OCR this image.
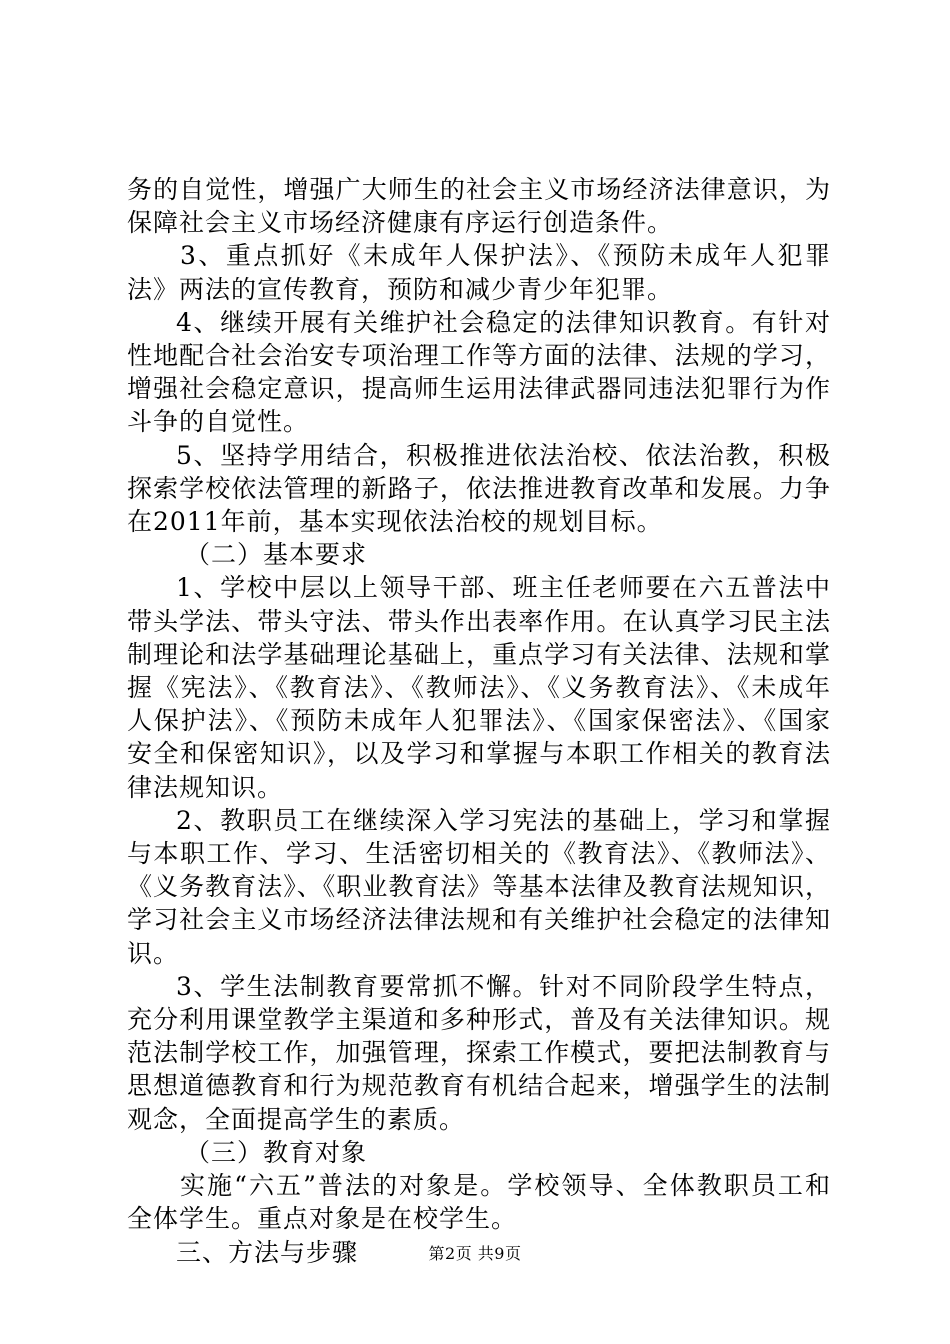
务的自觉性，增强广大师生的社会主义市场经济法律意识，为保障社会主义市场经济健康有序运行创造条件。

3、重点抓好《未成年人保护法》、《预防未成年人犯罪法》两法的宣传教育，预防和减少青少年犯罪。

4、继续开展有关维护社会稳定的法律知识教育。有针对性地配合社会治安专项治理工作等方面的法律、法规的学习，增强社会稳定意识，提高师生运用法律武器同违法犯罪行为作斗争的自觉性。

5、坚持学用结合，积极推进依法治校、依法治教，积极探索学校依法管理的新路子，依法推进教育改革和发展。力争在2011年前，基本实现依法治校的规划目标。

（二）基本要求

1、学校中层以上领导干部、班主任老师要在六五普法中带头学法、带头守法、带头作出表率作用。在认真学习民主法制理论和法学基础理论基础上，重点学习有关法律、法规和掌握《宪法》、《教育法》、《教师法》、《义务教育法》、《未成年人保护法》、《预防未成年人犯罪法》、《国家保密法》、《国家安全和保密知识》，以及学习和掌握与本职工作相关的教育法律法规知识。

2、教职员工在继续深入学习宪法的基础上，学习和掌握与本职工作、学习、生活密切相关的《教育法》、《教师法》、《义务教育法》、《职业教育法》等基本法律及教育法规知识，学习社会主义市场经济法律法规和有关维护社会稳定的法律知识。

3、学生法制教育要常抓不懈。针对不同阶段学生特点，充分利用课堂教学主渠道和多种形式，普及有关法律知识。规范法制学校工作，加强管理，探索工作模式，要把法制教育与思想道德教育和行为规范教育有机结合起来，增强学生的法制观念，全面提高学生的素质。

（三）教育对象

实施“六五”普法的对象是。学校领导、全体教职员工和全体学生。重点对象是在校学生。

三、方法与步骤	第2页 共9页
